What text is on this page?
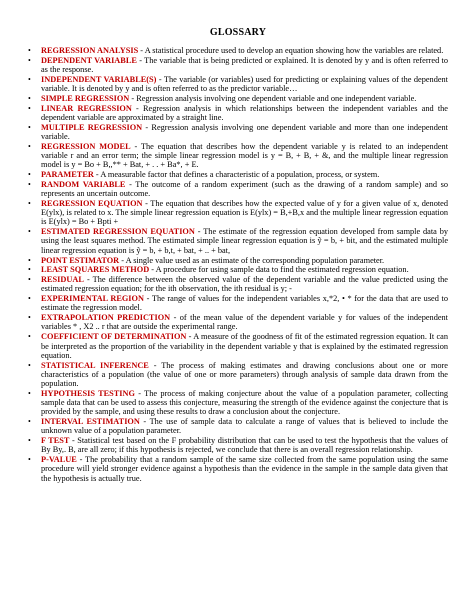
GLOSSARY
• REGRESSION ANALYSIS - A statistical procedure used to develop an equation showing how the variables are related.
• DEPENDENT VARIABLE - The variable that is being predicted or explained. It is denoted by y and is often referred to as the response.
• INDEPENDENT VARIABLE(S) - The variable (or variables) used for predicting or explaining values of the dependent variable. It is denoted by y and is often referred to as the predictor variable…
• SIMPLE REGRESSION - Regression analysis involving one dependent variable and one independent variable.
• LINEAR REGRESSION - Regression analysis in which relationships between the independent variables and the dependent variable are approximated by a straight line.
• MULTIPLE REGRESSION - Regression analysis involving one dependent variable and more than one independent variable.
• REGRESSION MODEL - The equation that describes how the dependent variable y is related to an independent variable r and an error term; the simple linear regression model is y = B, + B, + &, and the multiple linear regression model is y = Bo + B,,** + Bat, + . . + Ba*, + E.
• PARAMETER - A measurable factor that defines a characteristic of a population, process, or system.
• RANDOM VARIABLE - The outcome of a random experiment (such as the drawing of a random sample) and so represents an uncertain outcome.
• REGRESSION EQUATION - The equation that describes how the expected value of y for a given value of x, denoted E(ylx), is related to x. The simple linear regression equation is E(ylx) = B,+B,x and the multiple linear regression equation is E(ylx) = Bo + Bpti +
• ESTIMATED REGRESSION EQUATION - The estimate of the regression equation developed from sample data by using the least squares method. The estimated simple linear regression equation is ỹ = b, + bit, and the estimated multiple linear regression equation is ỹ = b, + b,t, + bat, + .. + bat,
• POINT ESTIMATOR - A single value used as an estimate of the corresponding population parameter.
• LEAST SQUARES METHOD - A procedure for using sample data to find the estimated regression equation.
• RESIDUAL - The difference between the observed value of the dependent variable and the value predicted using the estimated regression equation; for the ith observation, the ith residual is y; -
• EXPERIMENTAL REGION - The range of values for the independent variables x,*2, • * for the data that are used to estimate the regression model.
• EXTRAPOLATION PREDICTION - of the mean value of the dependent variable y for values of the independent variables * , X2 .. r that are outside the experimental range.
• COEFFICIENT OF DETERMINATION - A measure of the goodness of fit of the estimated regression equation. It can be interpreted as the proportion of the variability in the dependent variable y that is explained by the estimated regression equation.
• STATISTICAL INFERENCE - The process of making estimates and drawing conclusions about one or more characteristics of a population (the value of one or more parameters) through analysis of sample data drawn from the population.
• HYPOTHESIS TESTING - The process of making conjecture about the value of a population parameter, collecting sample data that can be used to assess this conjecture, measuring the strength of the evidence against the conjecture that is provided by the sample, and using these results to draw a conclusion about the conjecture.
• INTERVAL ESTIMATION - The use of sample data to calculate a range of values that is believed to include the unknown value of a population parameter.
• F TEST - Statistical test based on the F probability distribution that can be used to test the hypothesis that the values of By By,. B, are all zero; if this hypothesis is rejected, we conclude that there is an overall regression relationship.
• P-VALUE - The probability that a random sample of the same size collected from the same population using the same procedure will yield stronger evidence against a hypothesis than the evidence in the sample in the sample data given that the hypothesis is actually true.
